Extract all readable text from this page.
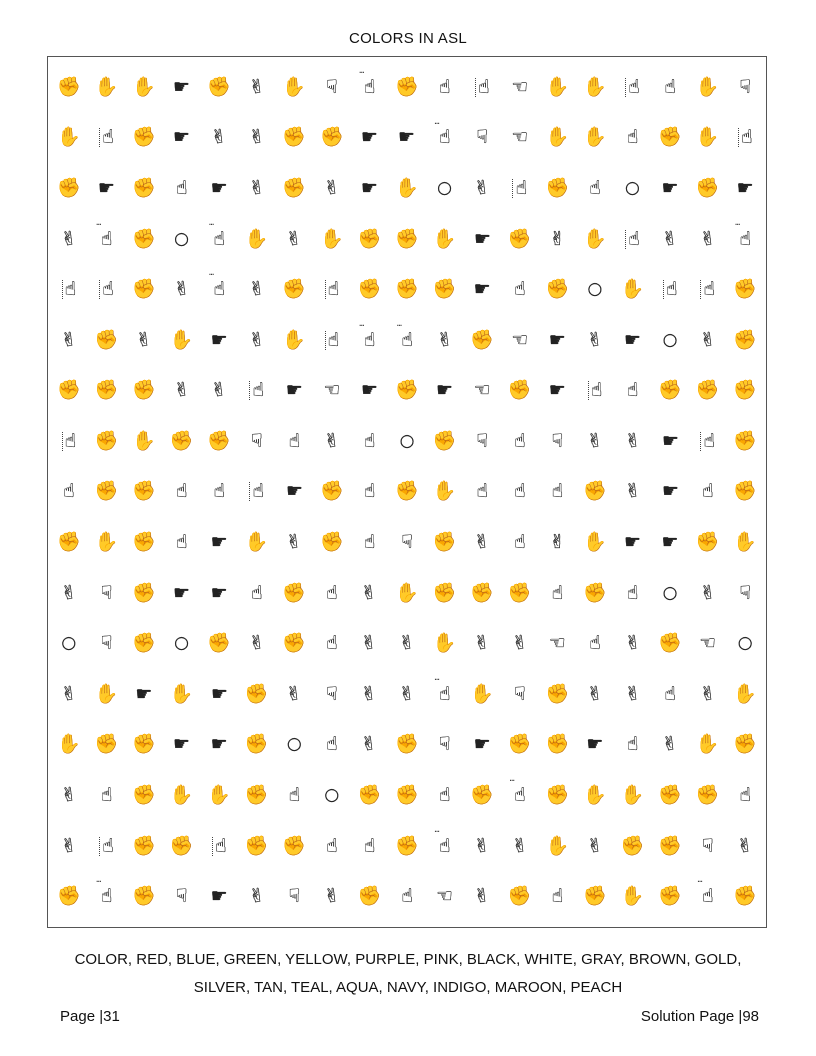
COLORS IN ASL
✊ ✋ ✋ ☚ ✊ ✌ ✋ ☟ ☝
…
✊ ☝ ☝ ☜ ✋ ✋ ☝ ☝ ✋ ☟
✋ ☝ ✊ ☚ ✌ ✌ ✊ ✊ ☛ ☚ ☝
…
☟ ☜ ✋ ✋ ☝ ✊ ✋ ☝
✊ ☛ ✊ ☝ ☛ ✌ ✊ ✌ ☛ ✋ ○ ✌ ☝ ✊ ☝ ○ ☛ ✊ ☛
✌ ☝
…
✊ ○ ☝
…
✋ ✌ ✋ ✊ ✊ ✋ ☚ ✊ ✌ ✋ ☝ ✌ ✌ ☝
…
☝ ☝ ✊ ✌ ☝
…
✌ ✊ ☝ ✊ ✊ ✊ ☛ ☝ ✊ ○ ✋ ☝ ☝ ✊
✌ ✊ ✌ ✋ ☛ ✌ ✋ ☝ ☝
…
☝
…
✌ ✊ ☜ ☛ ✌ ☚ ○ ✌ ✊
✊ ✊ ✊ ✌ ✌ ☝ ☛ ☜ ☚ ✊ ☛ ☜ ✊ ☛ ☝ ☝ ✊ ✊ ✊
☝ ✊ ✋ ✊ ✊ ☟ ☝ ✌ ☝ ○ ✊ ☟ ☝ ☟ ✌ ✌ ☚ ☝ ✊
☝ ✊ ✊ ☝ ☝ ☝ ☚ ✊ ☝ ✊ ✋ ☝ ☝ ☝ ✊ ✌ ☚ ☝ ✊
✊ ✋ ✊ ☝ ☛ ✋ ✌ ✊ ☝ ☟ ✊ ✌ ☝ ✌ ✋ ☛ ☛ ✊ ✋
✌ ☟ ✊ ☛ ☛ ☝ ✊ ☝ ✌ ✋ ✊ ✊ ✊ ☝ ✊ ☝ ○ ✌ ☟
○ ☟ ✊ ○ ✊ ✌ ✊ ☝ ✌ ✌ ✋ ✌ ✌ ☜ ☝ ✌ ✊ ☜ ○
✌ ✋ ☛ ✋ ☚ ✊ ✌ ☟ ✌ ✌ ☝
…
✋ ☟ ✊ ✌ ✌ ☝ ✌ ✋
✋ ✊ ✊ ☚ ☛ ✊ ○ ☝ ✌ ✊ ☟ ☛ ✊ ✊ ☛ ☝ ✌ ✋ ✊
✌ ☝ ✊ ✋ ✋ ✊ ☝ ○ ✊ ✊ ☝ ✊ ☝
…
✊ ✋ ✋ ✊ ✊ ☝
✌ ☝ ✊ ✊ ☝ ✊ ✊ ☝ ☝ ✊ ☝
…
✌ ✌ ✋ ✌ ✊ ✊ ☟ ✌
✊ ☝
…
✊ ☟ ☛ ✌ ☟ ✌ ✊ ☝ ☜ ✌ ✊ ☝ ✊ ✋ ✊ ☝
…
✊
COLOR, RED, BLUE, GREEN, YELLOW, PURPLE, PINK, BLACK, WHITE, GRAY, BROWN, GOLD,
SILVER, TAN, TEAL, AQUA, NAVY, INDIGO, MAROON, PEACH
Page |31	Solution Page |98
